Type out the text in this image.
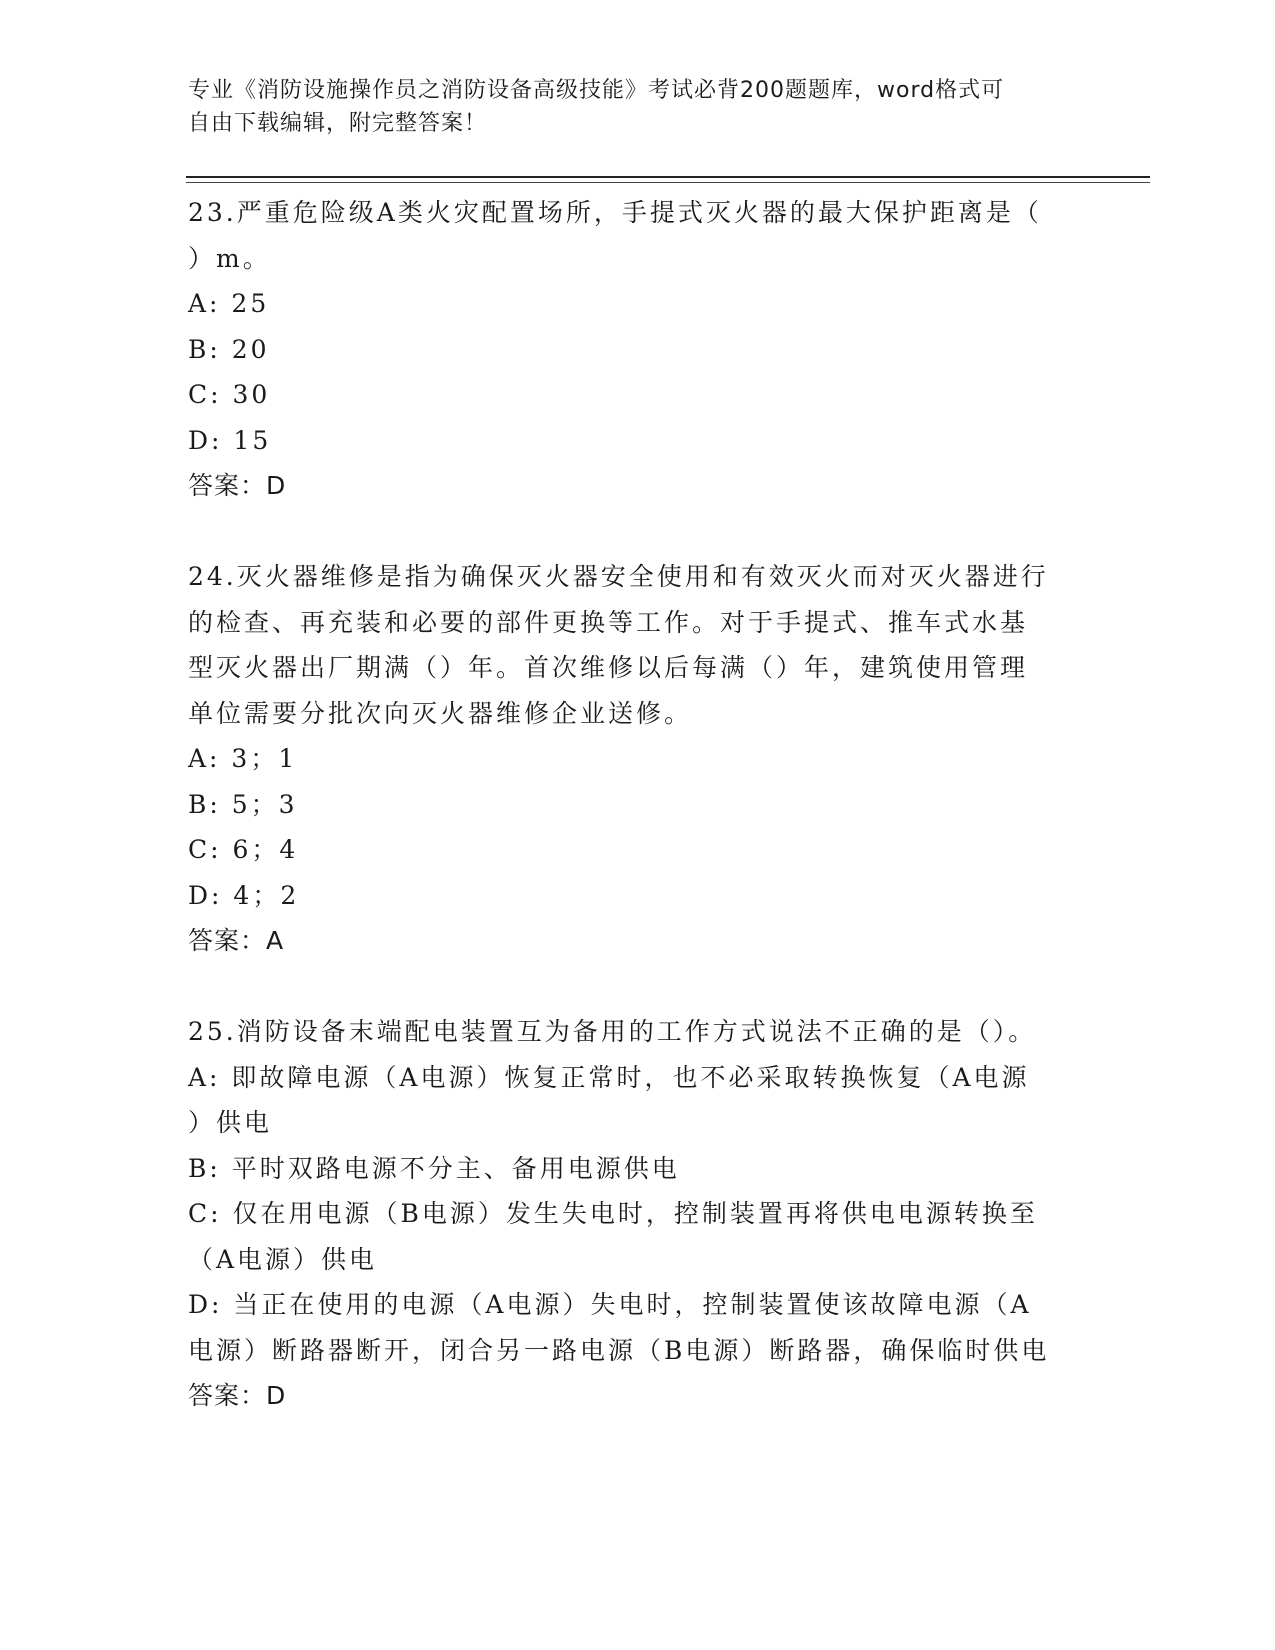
专业《消防设施操作员之消防设备高级技能》考试必背200题题库，word格式可
自由下载编辑，附完整答案！
23.严重危险级A类火灾配置场所，手提式灭火器的最大保护距离是（
）m。
A: 25
B: 20
C: 30
D: 15
答案：D
24.灭火器维修是指为确保灭火器安全使用和有效灭火而对灭火器进行
的检查、再充装和必要的部件更换等工作。对于手提式、推车式水基
型灭火器出厂期满（）年。首次维修以后每满（）年，建筑使用管理
单位需要分批次向灭火器维修企业送修。
A: 3；1
B: 5；3
C: 6；4
D: 4；2
答案：A
25.消防设备末端配电装置互为备用的工作方式说法不正确的是（）。
A: 即故障电源（A电源）恢复正常时，也不必采取转换恢复（A电源
）供电
B: 平时双路电源不分主、备用电源供电
C: 仅在用电源（B电源）发生失电时，控制装置再将供电电源转换至
（A电源）供电
D: 当正在使用的电源（A电源）失电时，控制装置使该故障电源（A
电源）断路器断开，闭合另一路电源（B电源）断路器，确保临时供电
答案：D
